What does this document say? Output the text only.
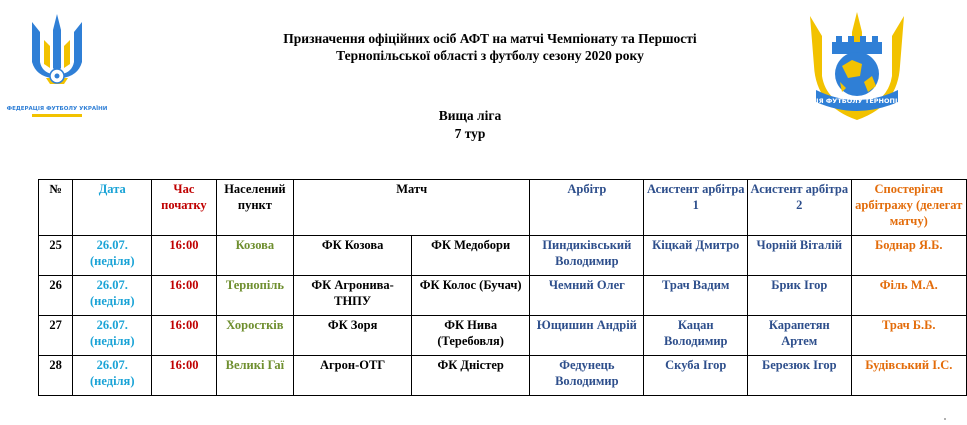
ФЕДЕРАЦІЯ ФУТБОЛУ УКРАЇНИ
АСОЦІАЦІЯ ФУТБОЛУ ТЕРНОПІЛЬЩИНИ
Призначення офіційних осіб АФТ на матчі Чемпіонату та Першості
Тернопільської області з футболу сезону 2020 року
Вища ліга
7 тур
№	Дата	Час початку	Населений пункт	Матч		Арбітр	Асистент арбітра 1	Асистент арбітра 2	Спостерігач арбітражу (делегат матчу)
25	26.07. (неділя)	16:00	Козова	ФК Козова	ФК Медобори	Пиндиківський Володимир	Кіцкай Дмитро	Чорній Віталій	Боднар Я.Б.
26	26.07. (неділя)	16:00	Тернопіль	ФК Агронива-ТНПУ	ФК Колос (Бучач)	Чемний Олег	Трач Вадим	Брик Ігор	Філь М.А.
27	26.07. (неділя)	16:00	Хоростків	ФК Зоря	ФК Нива (Теребовля)	Ющишин Андрій	Кацан Володимир	Карапетян Артем	Трач Б.Б.
28	26.07. (неділя)	16:00	Великі Гаї	Агрон-ОТГ	ФК Дністер	Федунець Володимир	Скуба Ігор	Березюк Ігор	Будівський І.С.
